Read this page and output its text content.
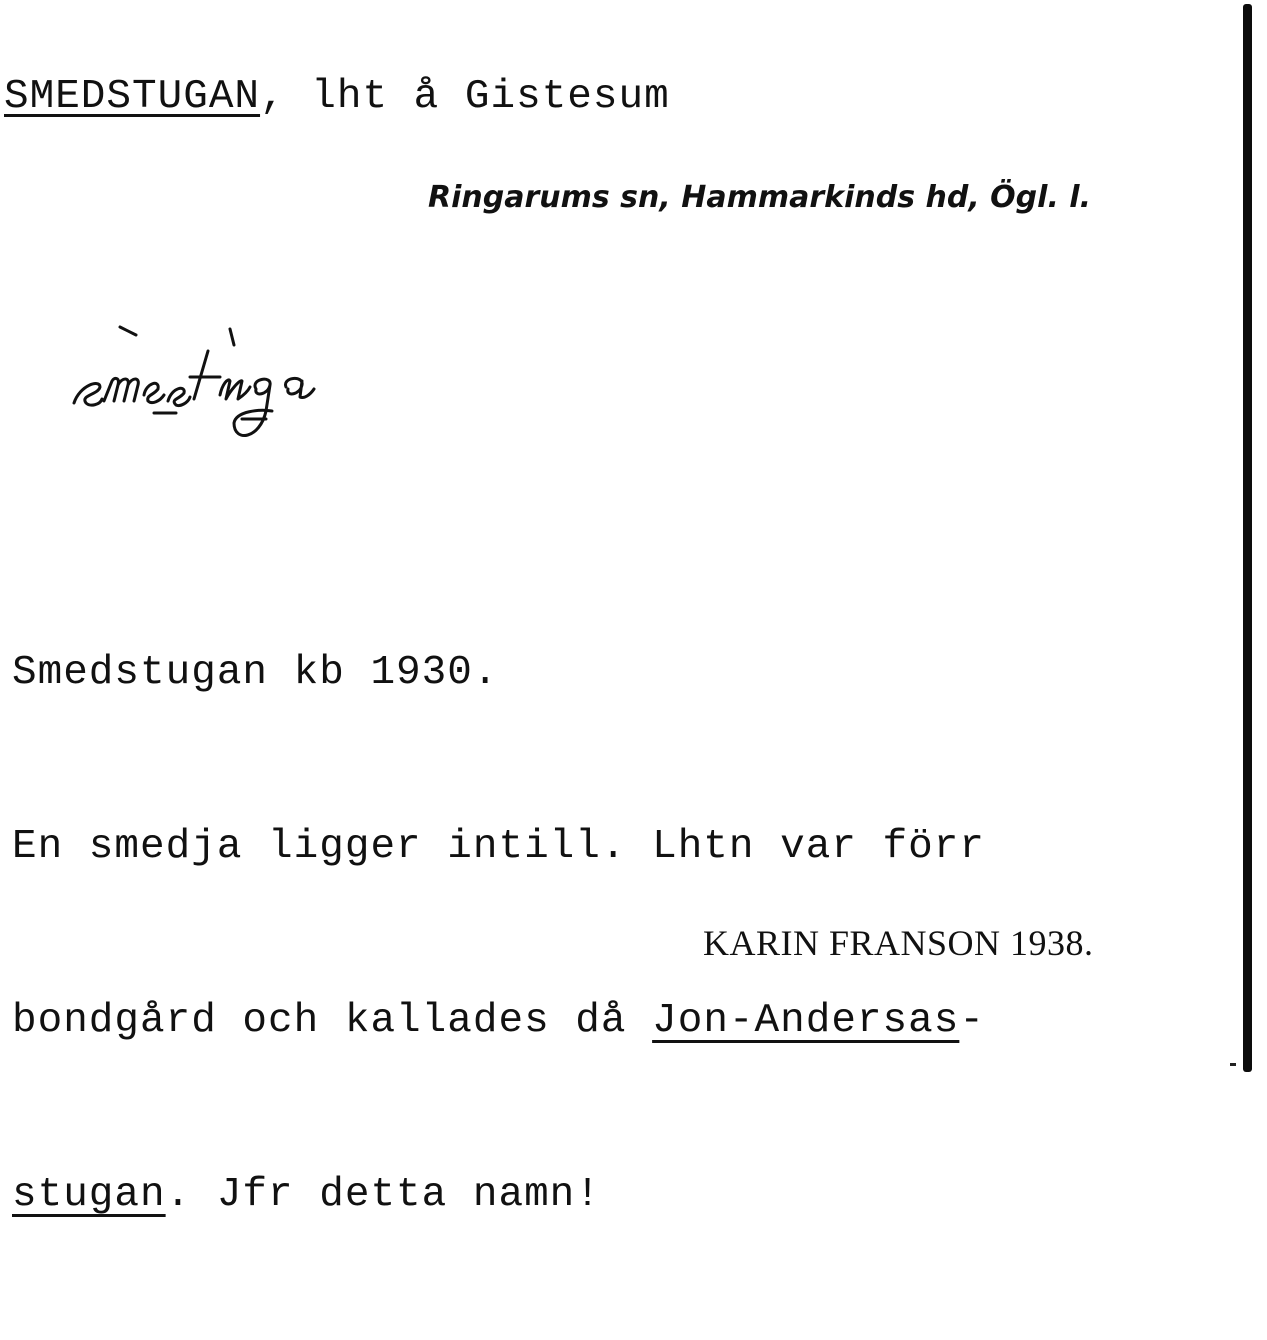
SMEDSTUGAN, lht å Gistesum
Ringarums sn, Hammarkinds hd, Ögl. l.

Smedstugan kb 1930.

En smedja ligger intill. Lhtn var förr

bondgård och kallades då Jon-Andersas-

stugan. Jfr detta namn!

KARIN FRANSON 1938.
